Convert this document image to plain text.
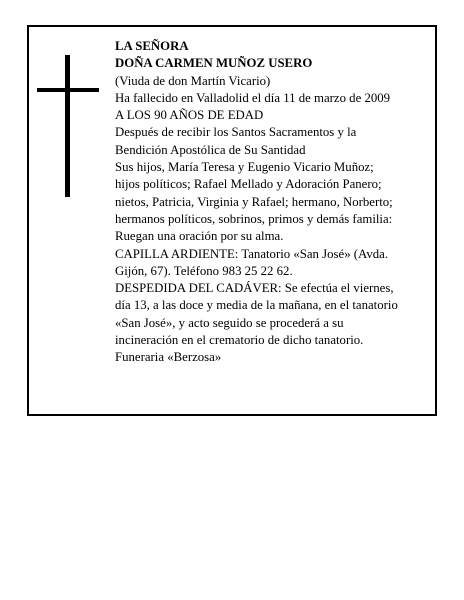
LA SEÑORA
DOÑA CARMEN MUÑOZ USERO
(Viuda de don Martín Vicario)
Ha fallecido en Valladolid el día 11 de marzo de 2009
A LOS 90 AÑOS DE EDAD
Después de recibir los Santos Sacramentos y la
Bendición Apostólica de Su Santidad
Sus hijos, María Teresa y Eugenio Vicario Muñoz;
hijos políticos; Rafael Mellado y Adoración Panero;
nietos, Patricia, Virginia y Rafael; hermano, Norberto;
hermanos políticos, sobrinos, primos y demás familia:
Ruegan una oración por su alma.
CAPILLA ARDIENTE: Tanatorio «San José» (Avda.
Gijón, 67). Teléfono 983 25 22 62.
DESPEDIDA DEL CADÁVER: Se efectúa el viernes,
día 13, a las doce y media de la mañana, en el tanatorio
«San José», y acto seguido se procederá a su
incineración en el crematorio de dicho tanatorio.
Funeraria «Berzosa»
